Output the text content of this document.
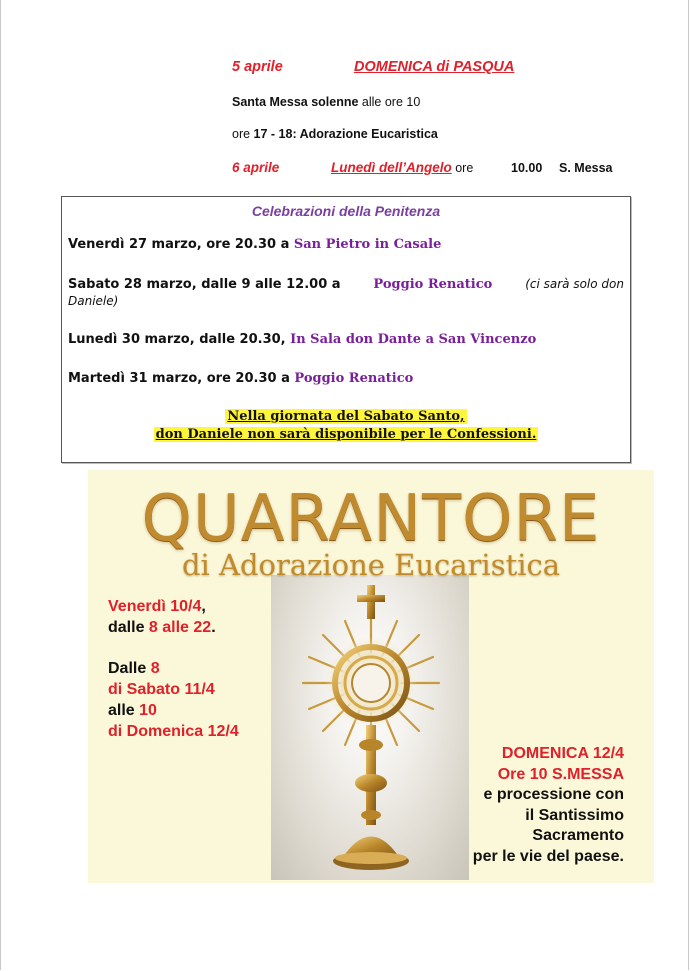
5 aprile	DOMENICA di PASQUA
Santa Messa solenne alle ore 10
ore 17 - 18: Adorazione Eucaristica
6 aprile	Lunedì dell’Angelo ore	10.00 S. Messa
Celebrazioni della Penitenza
Venerdì 27 marzo, ore 20.30 a San Pietro in Casale
Sabato 28 marzo, dalle 9 alle 12.00 a	Poggio Renatico	(ci sarà solo don
Daniele)
Lunedì 30 marzo, dalle 20.30, In Sala don Dante a San Vincenzo
Martedì 31 marzo, ore 20.30 a Poggio Renatico
Nella giornata del Sabato Santo,
don Daniele non sarà disponibile per le Confessioni.
QUARANTORE
di Adorazione Eucaristica
Venerdì 10/4,
dalle 8 alle 22.
Dalle 8
di Sabato 11/4
alle 10
di Domenica 12/4
DOMENICA 12/4
Ore 10 S.MESSA
e processione con
il Santissimo
Sacramento
per le vie del paese.
